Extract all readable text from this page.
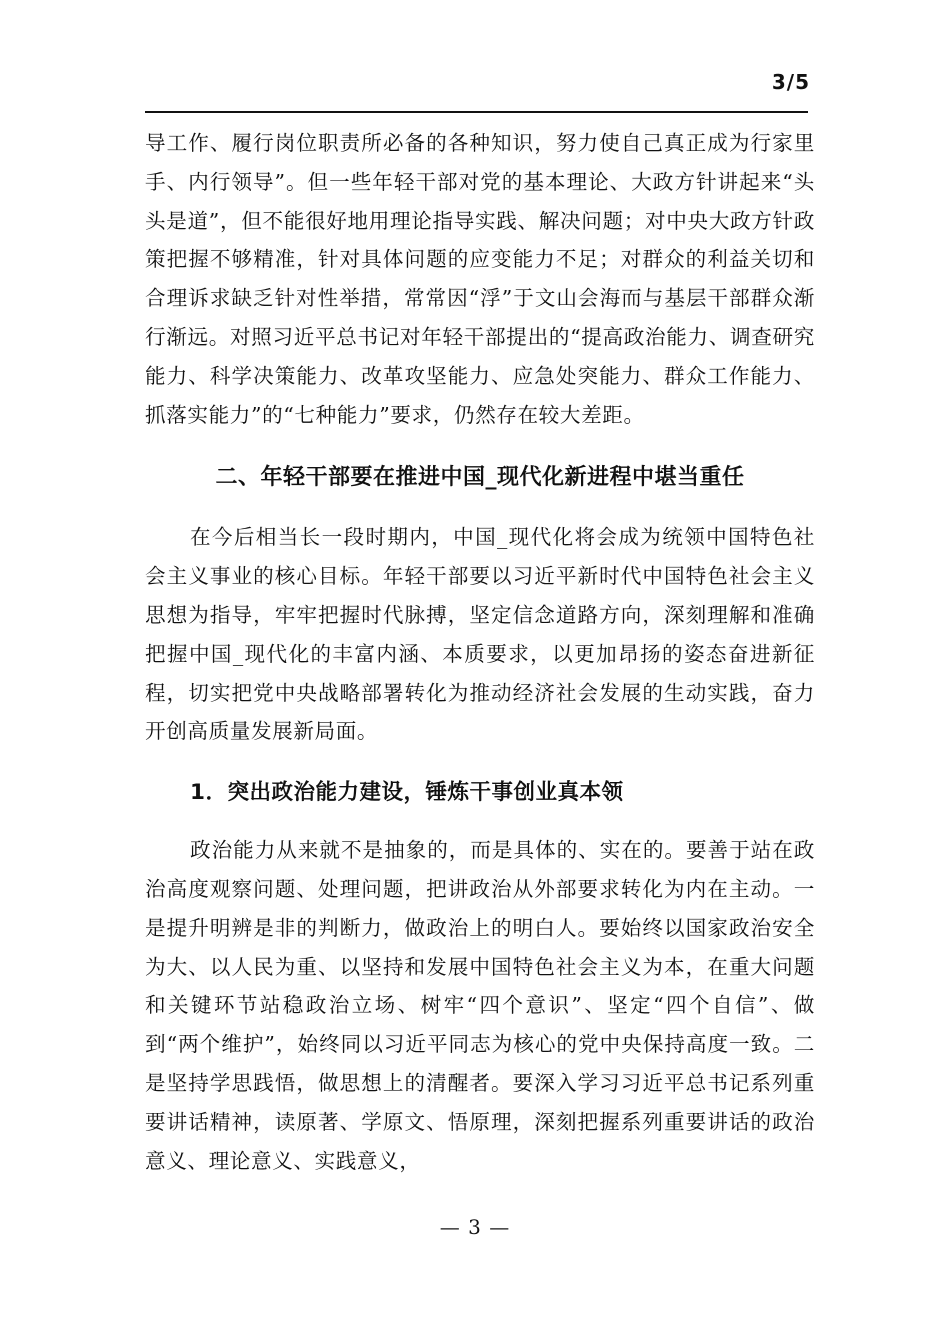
3/5

导工作、履行岗位职责所必备的各种知识，努力使自己真正成为行家里手、内行领导”。但一些年轻干部对党的基本理论、大政方针讲起来“头头是道”，但不能很好地用理论指导实践、解决问题；对中央大政方针政策把握不够精准，针对具体问题的应变能力不足；对群众的利益关切和合理诉求缺乏针对性举措，常常因“浮”于文山会海而与基层干部群众渐行渐远。对照习近平总书记对年轻干部提出的“提高政治能力、调查研究能力、科学决策能力、改革攻坚能力、应急处突能力、群众工作能力、抓落实能力”的“七种能力”要求，仍然存在较大差距。

二、年轻干部要在推进中国_现代化新进程中堪当重任

在今后相当长一段时期内，中国_现代化将会成为统领中国特色社会主义事业的核心目标。年轻干部要以习近平新时代中国特色社会主义思想为指导，牢牢把握时代脉搏，坚定信念道路方向，深刻理解和准确把握中国_现代化的丰富内涵、本质要求，以更加昂扬的姿态奋进新征程，切实把党中央战略部署转化为推动经济社会发展的生动实践，奋力开创高质量发展新局面。

1．突出政治能力建设，锤炼干事创业真本领

政治能力从来就不是抽象的，而是具体的、实在的。要善于站在政治高度观察问题、处理问题，把讲政治从外部要求转化为内在主动。一是提升明辨是非的判断力，做政治上的明白人。要始终以国家政治安全为大、以人民为重、以坚持和发展中国特色社会主义为本，在重大问题和关键环节站稳政治立场、树牢“四个意识”、坚定“四个自信”、做到“两个维护”，始终同以习近平同志为核心的党中央保持高度一致。二是坚持学思践悟，做思想上的清醒者。要深入学习习近平总书记系列重要讲话精神，读原著、学原文、悟原理，深刻把握系列重要讲话的政治意义、理论意义、实践意义，

— 3 —
